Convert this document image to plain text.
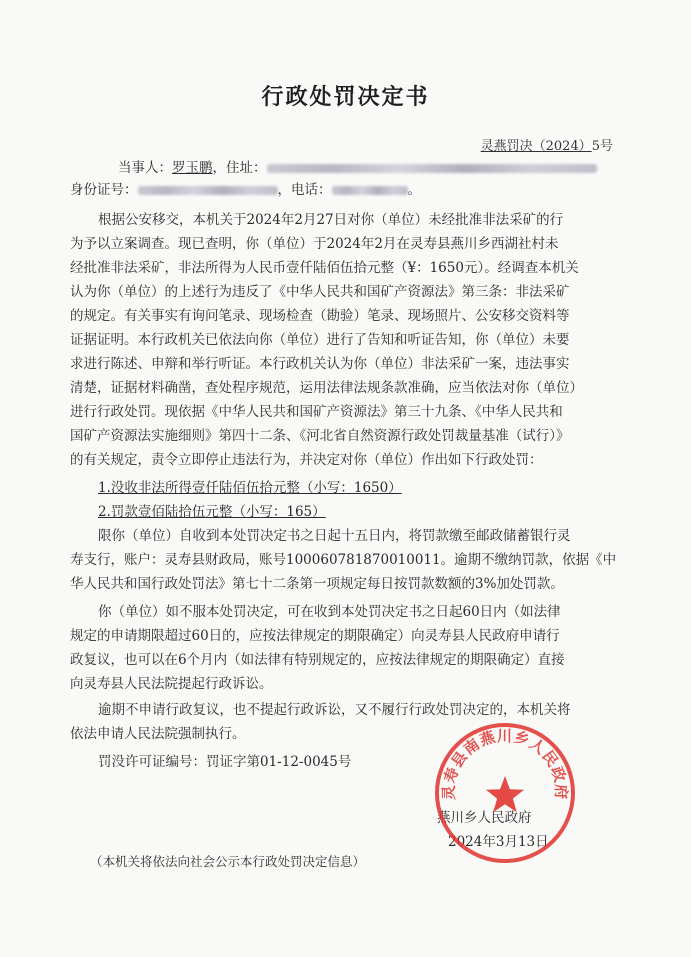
行政处罚决定书
灵燕罚决（2024）5号
当事人：罗玉鹏，住址：
身份证号：	，电话：	。
根据公安移交，本机关于2024年2月27日对你（单位）未经批准非法采矿的行
为予以立案调查。现已查明，你（单位）于2024年2月在灵寿县燕川乡西湖社村未
经批准非法采矿，非法所得为人民币壹仟陆佰伍拾元整（¥：1650元）。经调查本机关
认为你（单位）的上述行为违反了《中华人民共和国矿产资源法》第三条：非法采矿
的规定。有关事实有询问笔录、现场检查（勘验）笔录、现场照片、公安移交资料等
证据证明。本行政机关已依法向你（单位）进行了告知和听证告知，你（单位）未要
求进行陈述、申辩和举行听证。本行政机关认为你（单位）非法采矿一案，违法事实
清楚，证据材料确凿，查处程序规范，运用法律法规条款准确，应当依法对你（单位）
进行行政处罚。现依据《中华人民共和国矿产资源法》第三十九条、《中华人民共和
国矿产资源法实施细则》第四十二条、《河北省自然资源行政处罚裁量基准（试行）》
的有关规定，责令立即停止违法行为，并决定对你（单位）作出如下行政处罚：
1.没收非法所得壹仟陆佰伍拾元整（小写：1650）
2.罚款壹佰陆拾伍元整（小写：165）
限你（单位）自收到本处罚决定书之日起十五日内，将罚款缴至邮政储蓄银行灵
寿支行，账户：灵寿县财政局，账号100060781870010011。逾期不缴纳罚款，依据《中
华人民共和国行政处罚法》第七十二条第一项规定每日按罚款数额的3%加处罚款。
你（单位）如不服本处罚决定，可在收到本处罚决定书之日起60日内（如法律
规定的申请期限超过60日的，应按法律规定的期限确定）向灵寿县人民政府申请行
政复议，也可以在6个月内（如法律有特别规定的，应按法律规定的期限确定）直接
向灵寿县人民法院提起行政诉讼。
逾期不申请行政复议，也不提起行政诉讼，又不履行行政处罚决定的，本机关将
依法申请人民法院强制执行。
罚没许可证编号：罚证字第01-12-0045号
燕川乡人民政府
2024年3月13日
灵寿县南燕川乡人民政府
（本机关将依法向社会公示本行政处罚决定信息）
